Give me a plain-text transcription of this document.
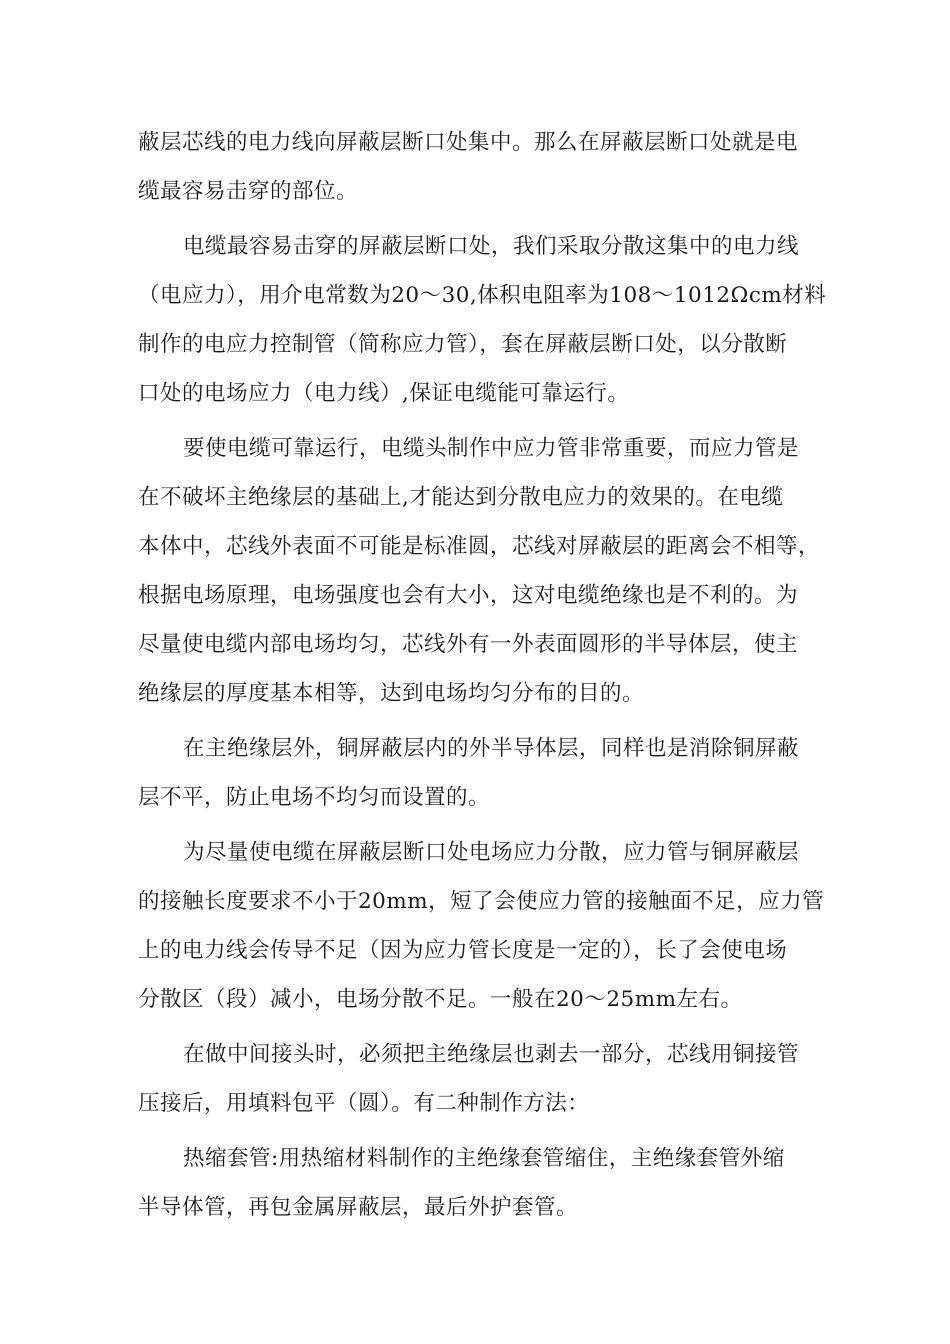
蔽层芯线的电力线向屏蔽层断口处集中。那么在屏蔽层断口处就是电
缆最容易击穿的部位。

电缆最容易击穿的屏蔽层断口处，我们采取分散这集中的电力线
（电应力），用介电常数为20～30,体积电阻率为108～1012Ωcm材料
制作的电应力控制管（简称应力管），套在屏蔽层断口处，以分散断
口处的电场应力（电力线）,保证电缆能可靠运行。

要使电缆可靠运行，电缆头制作中应力管非常重要，而应力管是
在不破坏主绝缘层的基础上,才能达到分散电应力的效果的。在电缆
本体中，芯线外表面不可能是标准圆，芯线对屏蔽层的距离会不相等，
根据电场原理，电场强度也会有大小，这对电缆绝缘也是不利的。为
尽量使电缆内部电场均匀，芯线外有一外表面圆形的半导体层，使主
绝缘层的厚度基本相等，达到电场均匀分布的目的。

在主绝缘层外，铜屏蔽层内的外半导体层，同样也是消除铜屏蔽
层不平，防止电场不均匀而设置的。

为尽量使电缆在屏蔽层断口处电场应力分散，应力管与铜屏蔽层
的接触长度要求不小于20mm，短了会使应力管的接触面不足，应力管
上的电力线会传导不足（因为应力管长度是一定的），长了会使电场
分散区（段）减小，电场分散不足。一般在20～25mm左右。

在做中间接头时，必须把主绝缘层也剥去一部分，芯线用铜接管
压接后，用填料包平（圆）。有二种制作方法：

热缩套管:用热缩材料制作的主绝缘套管缩住，主绝缘套管外缩
半导体管，再包金属屏蔽层，最后外护套管。
